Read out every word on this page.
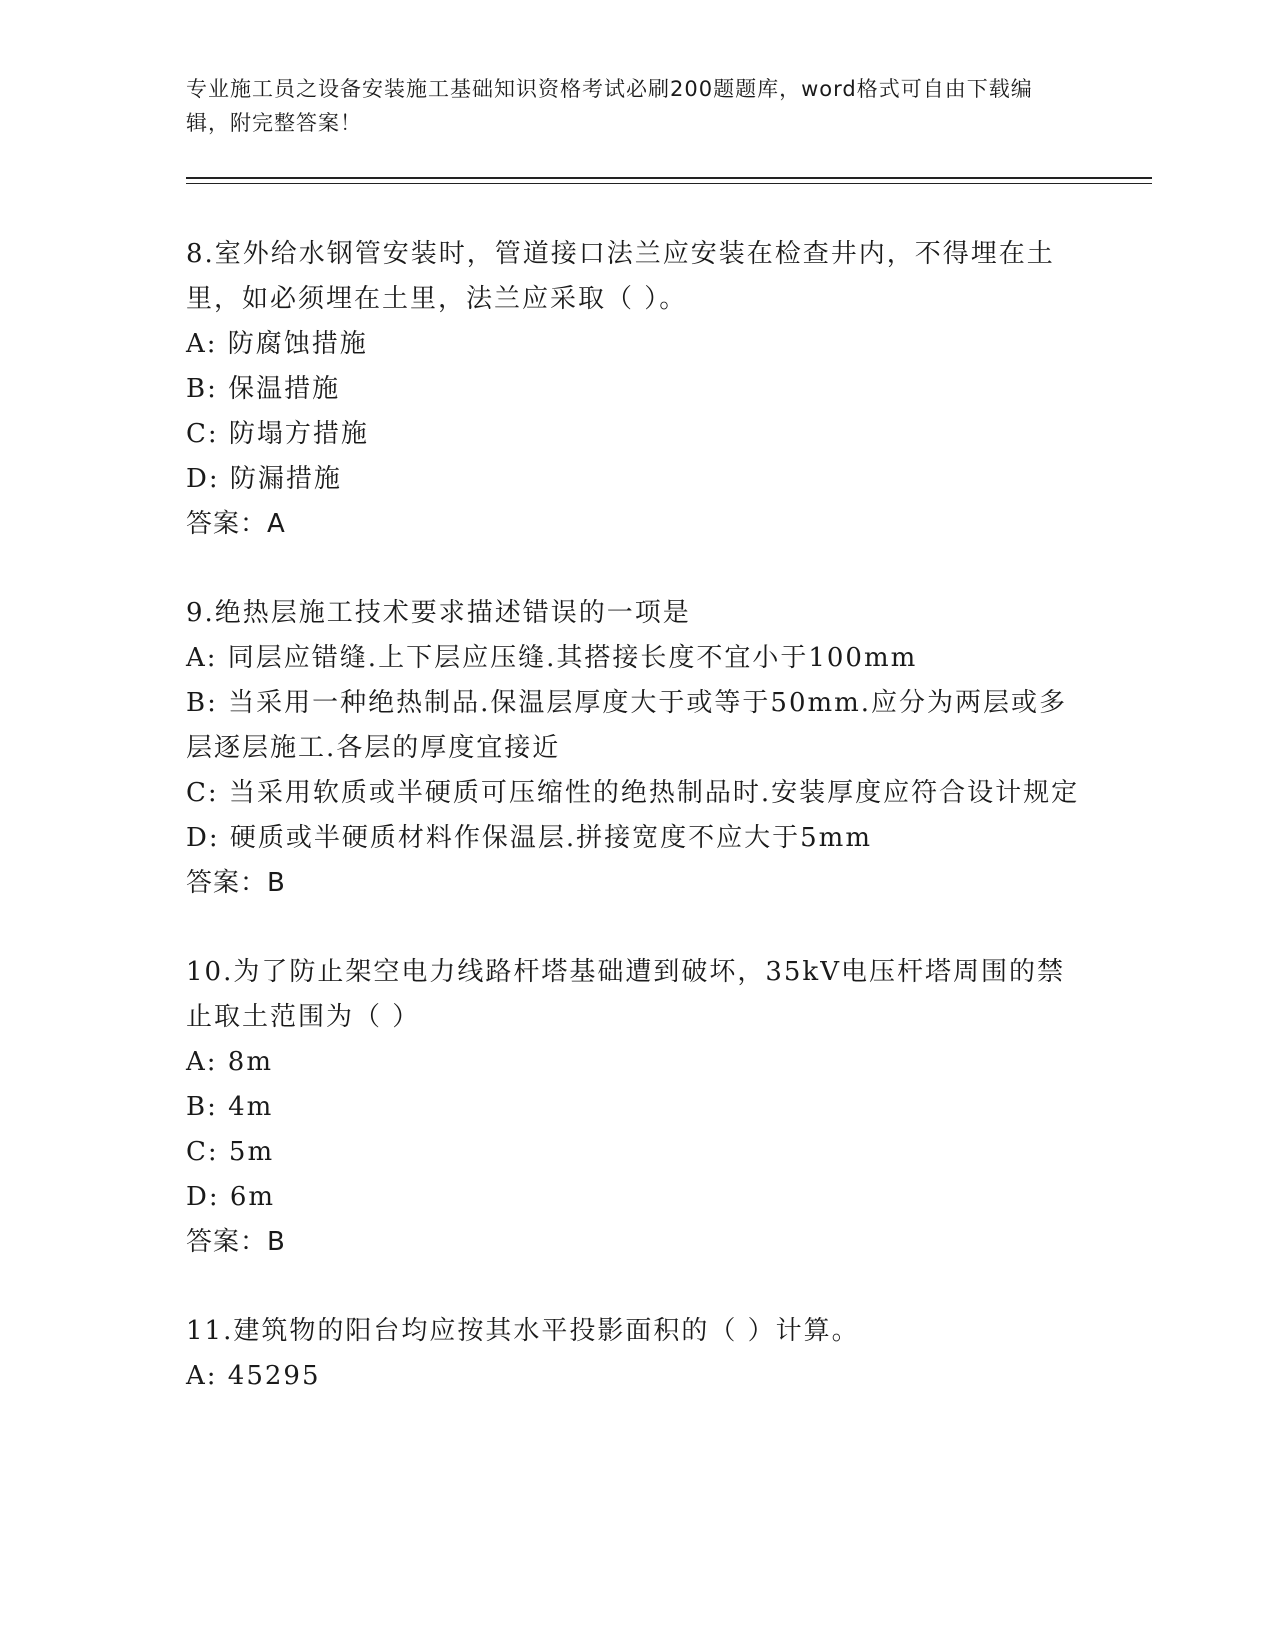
专业施工员之设备安装施工基础知识资格考试必刷200题题库，word格式可自由下载编辑，附完整答案！
8.室外给水钢管安装时，管道接口法兰应安装在检查井内，不得埋在土里，如必须埋在土里，法兰应采取（ ）。
A: 防腐蚀措施
B: 保温措施
C: 防塌方措施
D: 防漏措施
答案：A
9.绝热层施工技术要求描述错误的一项是
A: 同层应错缝.上下层应压缝.其搭接长度不宜小于100mm
B: 当采用一种绝热制品.保温层厚度大于或等于50mm.应分为两层或多层逐层施工.各层的厚度宜接近
C: 当采用软质或半硬质可压缩性的绝热制品时.安装厚度应符合设计规定
D: 硬质或半硬质材料作保温层.拼接宽度不应大于5mm
答案：B
10.为了防止架空电力线路杆塔基础遭到破坏，35kV电压杆塔周围的禁止取土范围为（ ）
A: 8m
B: 4m
C: 5m
D: 6m
答案：B
11.建筑物的阳台均应按其水平投影面积的（ ）计算。
A: 45295
